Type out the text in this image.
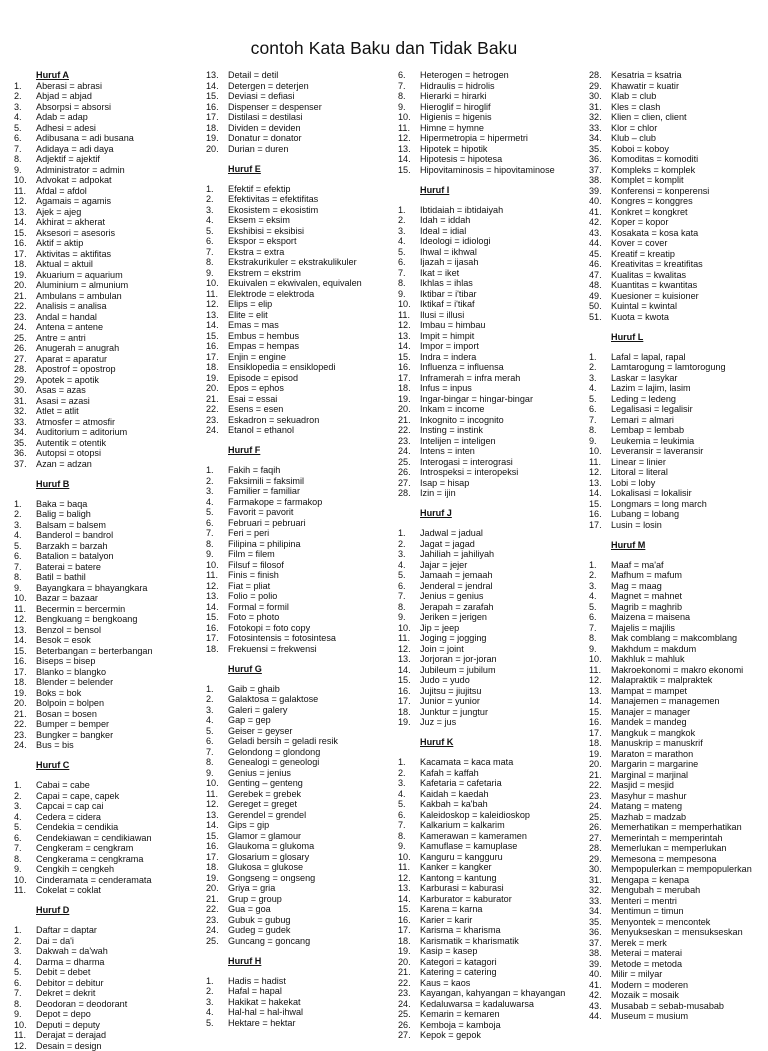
contoh Kata Baku dan Tidak Baku
Huruf A
1.	Aberasi = abrasi
2.	Abjad = abjad
3.	Absorpsi = absorsi
4.	Adab = adap
5.	Adhesi = adesi
6.	Adibusana = adi busana
7.	Adidaya = adi daya
8.	Adjektif = ajektif
9.	Administrator = admin
10.	Advokat = adpokat
11.	Afdal = afdol
12.	Agamais = agamis
13.	Ajek = ajeg
14.	Akhirat = akherat
15.	Aksesori = asesoris
16.	Aktif = aktip
17.	Aktivitas = aktifitas
18.	Aktual = aktuil
19.	Akuarium = aquarium
20.	Aluminium = almunium
21.	Ambulans = ambulan
22.	Analisis = analisa
23.	Andal = handal
24.	Antena = antene
25.	Antre = antri
26.	Anugerah = anugrah
27.	Aparat = aparatur
28.	Apostrof = opostrop
29.	Apotek = apotik
30.	Asas = azas
31.	Asasi = azasi
32.	Atlet = atlit
33.	Atmosfer = atmosfir
34.	Auditorium = aditorium
35.	Autentik = otentik
36.	Autopsi = otopsi
37.	Azan = adzan
Huruf B
1.	Baka = baqa
2.	Balig = baligh
3.	Balsam = balsem
4.	Banderol = bandrol
5.	Barzakh = barzah
6.	Batalion = batalyon
7.	Baterai = batere
8.	Batil = bathil
9.	Bayangkara = bhayangkara
10.	Bazar = bazaar
11.	Becermin = bercermin
12.	Bengkuang = bengkoang
13.	Benzol = bensol
14.	Besok = esok
15.	Beterbangan = berterbangan
16.	Biseps = bisep
17.	Blanko = blangko
18.	Blender = belender
19.	Boks = bok
20.	Bolpoin = bolpen
21.	Bosan = bosen
22.	Bumper = bemper
23.	Bungker = bangker
24.	Bus = bis
Huruf C
1.	Cabai = cabe
2.	Capai = cape, capek
3.	Capcai = cap cai
4.	Cedera = cidera
5.	Cendekia = cendikia
6.	Cendekiawan = cendikiawan
7.	Cengkeram = cengkram
8.	Cengkerama = cengkrama
9.	Cengkih = cengkeh
10.	Cinderamata = cenderamata
11.	Cokelat = coklat
Huruf D
1.	Daftar = daptar
2.	Dai = da'i
3.	Dakwah = da'wah
4.	Darma = dharma
5.	Debit = debet
6.	Debitor = debitur
7.	Dekret = dekrit
8.	Deodoran = deodorant
9.	Depot = depo
10.	Deputi = deputy
11.	Derajat = derajad
12.	Desain = design
13.	Detail = detil
14.	Detergen = deterjen
15.	Deviasi = defiasi
16.	Dispenser = despenser
17.	Distilasi = destilasi
18.	Dividen = deviden
19.	Donatur = donator
20.	Durian = duren
Huruf E
1.	Efektif = efektip
2.	Efektivitas = efektifitas
3.	Ekosistem = ekosistim
4.	Eksem = eksim
5.	Ekshibisi = eksibisi
6.	Ekspor = eksport
7.	Ekstra = extra
8.	Ekstrakurikuler = ekstrakulikuler
9.	Ekstrem = ekstrim
10.	Ekuivalen = ekwivalen, equivalen
11.	Elektrode = elektroda
12.	Elips = elip
13.	Elite = elit
14.	Emas = mas
15.	Embus = hembus
16.	Empas = hempas
17.	Enjin = engine
18.	Ensiklopedia = ensiklopedi
19.	Episode = episod
20.	Epos = ephos
21.	Esai = essai
22.	Esens = esen
23.	Eskadron = sekuadron
24.	Etanol = ethanol
Huruf F
1.	Fakih = faqih
2.	Faksimili = faksimil
3.	Familier = familiar
4.	Farmakope = farmakop
5.	Favorit = pavorit
6.	Februari = pebruari
7.	Feri = peri
8.	Filipina = philipina
9.	Film = filem
10.	Filsuf = filosof
11.	Finis = finish
12.	Fiat = pliat
13.	Folio = polio
14.	Formal = formil
15.	Foto = photo
16.	Fotokopi = foto copy
17.	Fotosintensis = fotosintesa
18.	Frekuensi = frekwensi
Huruf G
1.	Gaib = ghaib
2.	Galaktosa = galaktose
3.	Galeri = galery
4.	Gap = gep
5.	Geiser = geyser
6.	Geladi bersih = geladi resik
7.	Gelondong = glondong
8.	Genealogi = geneologi
9.	Genius = jenius
10.	Genting – genteng
11.	Gerebek = grebek
12.	Gereget = greget
13.	Gerendel = grendel
14.	Gips = gip
15.	Glamor = glamour
16.	Glaukoma = glukoma
17.	Glosarium = glosary
18.	Glukosa = glukose
19.	Gongseng = ongseng
20.	Griya = gria
21.	Grup = group
22.	Gua = goa
23.	Gubuk = gubug
24.	Gudeg = gudek
25.	Guncang = goncang
Huruf H
1.	Hadis = hadist
2.	Hafal = hapal
3.	Hakikat = hakekat
4.	Hal-hal = hal-ihwal
5.	Hektare = hektar
6.	Heterogen = hetrogen
7.	Hidraulis = hidrolis
8.	Hierarki = hirarki
9.	Hieroglif = hiroglif
10.	Higienis = higenis
11.	Himne = hymne
12.	Hipermetropia = hipermetri
13.	Hipotek = hipotik
14.	Hipotesis = hipotesa
15.	Hipovitaminosis = hipovitaminose
Huruf I
1.	Ibtidaiah = ibtidaiyah
2.	Idah = iddah
3.	Ideal = idial
4.	Ideologi = idiologi
5.	Ihwal = ikhwal
6.	Ijazah = ijasah
7.	Ikat = iket
8.	Ikhlas = ihlas
9.	Iktibar = i'tibar
10.	Iktikaf = i'tikaf
11.	Ilusi = illusi
12.	Imbau = himbau
13.	Impit = himpit
14.	Impor = import
15.	Indra = indera
16.	Influenza = influensa
17.	Inframerah = infra merah
18.	Infus = inpus
19.	Ingar-bingar = hingar-bingar
20.	Inkam = income
21.	Inkognito = incognito
22.	Insting = instink
23.	Intelijen = inteligen
24.	Intens = inten
25.	Interogasi = interograsi
26.	Introspeksi = interopeksi
27.	Isap = hisap
28.	Izin = ijin
Huruf J
1.	Jadwal = jadual
2.	Jagat = jagad
3.	Jahiliah = jahiliyah
4.	Jajar = jejer
5.	Jamaah = jemaah
6.	Jenderal = jendral
7.	Jenius = genius
8.	Jerapah = zarafah
9.	Jeriken = jerigen
10.	Jip = jeep
11.	Joging = jogging
12.	Join = joint
13.	Jorjoran = jor-joran
14.	Jubileum = jubilum
15.	Judo = yudo
16.	Jujitsu = jiujitsu
17.	Junior = yunior
18.	Junktur = jungtur
19.	Juz = jus
Huruf K
1.	Kacamata = kaca mata
2.	Kafah = kaffah
3.	Kafetaria = cafetaria
4.	Kaidah = kaedah
5.	Kakbah = ka'bah
6.	Kaleidoskop = kaleidioskop
7.	Kalkarium = kalkarim
8.	Kamerawan = kameramen
9.	Kamuflase = kamuplase
10.	Kanguru = kangguru
11.	Kanker = kangker
12.	Kantong = kantung
13.	Karburasi = kaburasi
14.	Karburator = kaburator
15.	Karena = karna
16.	Karier = karir
17.	Karisma = kharisma
18.	Karismatik = kharismatik
19.	Kasip = kasep
20.	Kategori = katagori
21.	Katering = catering
22.	Kaus = kaos
23.	Kayangan, kahyangan = khayangan
24.	Kedaluwarsa = kadaluwarsa
25.	Kemarin = kemaren
26.	Kemboja = kamboja
27.	Kepok = gepok
28.	Kesatria = ksatria
29.	Khawatir = kuatir
30.	Klab = club
31.	Kles = clash
32.	Klien = clien, client
33.	Klor = chlor
34.	Klub – club
35.	Koboi = koboy
36.	Komoditas = komoditi
37.	Kompleks = komplek
38.	Komplet = komplit
39.	Konferensi = konperensi
40.	Kongres = konggres
41.	Konkret = kongkret
42.	Koper = kopor
43.	Kosakata = kosa kata
44.	Kover = cover
45.	Kreatif = kreatip
46.	Kreativitas = kreatifitas
47.	Kualitas = kwalitas
48.	Kuantitas = kwantitas
49.	Kuesioner = kuisioner
50.	Kuintal = kwintal
51.	Kuota = kwota
Huruf L
1.	Lafal = lapal, rapal
2.	Lamtarogung = lamtorogung
3.	Laskar = lasykar
4.	Lazim = lajim, lasim
5.	Leding = ledeng
6.	Legalisasi = legalisir
7.	Lemari = almari
8.	Lembap = lembab
9.	Leukemia = leukimia
10.	Leveransir = laveransir
11.	Linear = linier
12.	Litoral = literal
13.	Lobi = loby
14.	Lokalisasi = lokalisir
15.	Longmars = long march
16.	Lubang = lobang
17.	Lusin = losin
Huruf M
1.	Maaf = ma'af
2.	Mafhum = mafum
3.	Mag = maag
4.	Magnet = mahnet
5.	Magrib = maghrib
6.	Maizena = maisena
7.	Majelis = majilis
8.	Mak comblang = makcomblang
9.	Makhdum = makdum
10.	Makhluk = mahluk
11.	Makroekonomi = makro ekonomi
12.	Malapraktik = malpraktek
13.	Mampat = mampet
14.	Manajemen = managemen
15.	Manajer = manager
16.	Mandek = mandeg
17.	Mangkuk = mangkok
18.	Manuskrip = manuskrif
19.	Maraton = marathon
20.	Margarin = margarine
21.	Marginal = marjinal
22.	Masjid = mesjid
23.	Masyhur = mashur
24.	Matang = mateng
25.	Mazhab = madzab
26.	Memerhatikan = memperhatikan
27.	Memerintah = memperintah
28.	Memerlukan = memperlukan
29.	Memesona = mempesona
30.	Mempopulerkan = mempopulerkan
31.	Mengapa = kenapa
32.	Mengubah = merubah
33.	Menteri = mentri
34.	Mentimun = timun
35.	Menyontek = mencontek
36.	Menyukseskan = mensukseskan
37.	Merek = merk
38.	Meterai = materai
39.	Metode = metoda
40.	Milir = milyar
41.	Modern = moderen
42.	Mozaik = mosaik
43.	Musabab = sebab-musabab
44.	Museum = musium
